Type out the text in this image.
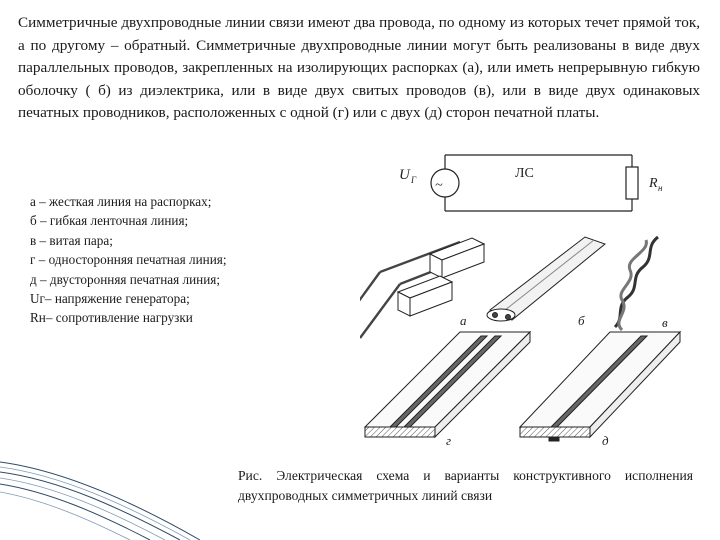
Симметричные двухпроводные линии связи имеют два провода, по одному из которых течет прямой ток, а по другому – обратный. Симметричные двухпроводные линии могут быть реализованы в виде двух параллельных проводов, закрепленных на изолирующих распорках (а), или иметь непрерывную гибкую оболочку ( б) из диэлектрика, или в виде двух свитых проводов (в), или в виде двух одинаковых печатных проводников, расположенных с одной (г) или с двух (д) сторон печатной платы.
а – жесткая линия на распорках;
б – гибкая ленточная линия;
в – витая пара;
г – односторонняя печатная линия;
д – двусторонняя печатная линия;
Uг– напряжение генератора;
Rн– сопротивление нагрузки
~
U Г	ЛС
R н
а	б	в
г	д
Рис. Электрическая схема и варианты конструктивного исполнения двухпроводных симметричных линий связи
